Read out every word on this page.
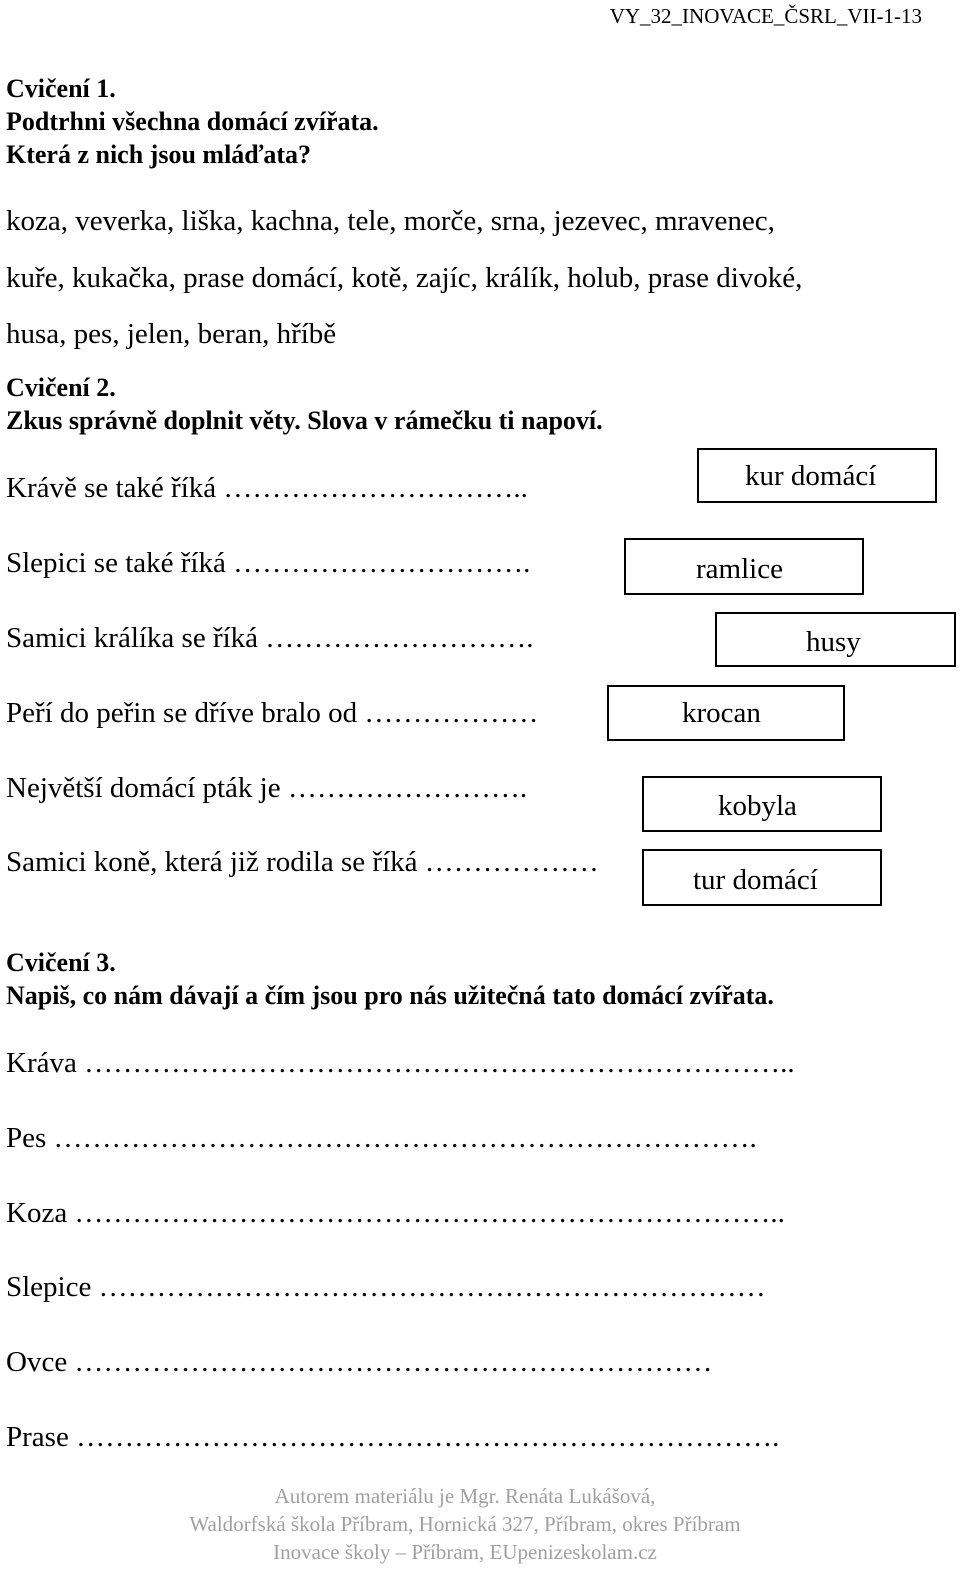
VY_32_INOVACE_ČSRL_VII-1-13
Cvičení 1.
Podtrhni všechna domácí zvířata.
Která z nich jsou mláďata?
koza, veverka, liška, kachna, tele, morče, srna, jezevec, mravenec,
kuře, kukačka, prase domácí, kotě, zajíc, králík, holub, prase divoké,
husa, pes, jelen, beran, hříbě
Cvičení 2.
Zkus správně doplnit věty. Slova v rámečku ti napoví.
Krávě se také říká …………………………..
Slepici se také říká ………………………….
Samici králíka se říká ……………………….
Peří do peřin se dříve bralo od ………………
Největší domácí pták je …………………….
Samici koně, která již rodila se říká ………………
kur domácí
ramlice
husy
krocan
kobyla
tur domácí
Cvičení 3.
Napiš, co nám dávají a čím jsou pro nás užitečná tato domácí zvířata.
Kráva ………………………………………………………………..
Pes ……………………………………………………………….
Koza ………………………………………………………………..
Slepice ……………………………………………………………
Ovce …………………………………………………………
Prase ……………………………………………………………….
Autorem materiálu je Mgr. Renáta Lukášová,
Waldorfská škola Příbram, Hornická 327, Příbram, okres Příbram
Inovace školy – Příbram, EUpenizeskolam.cz
